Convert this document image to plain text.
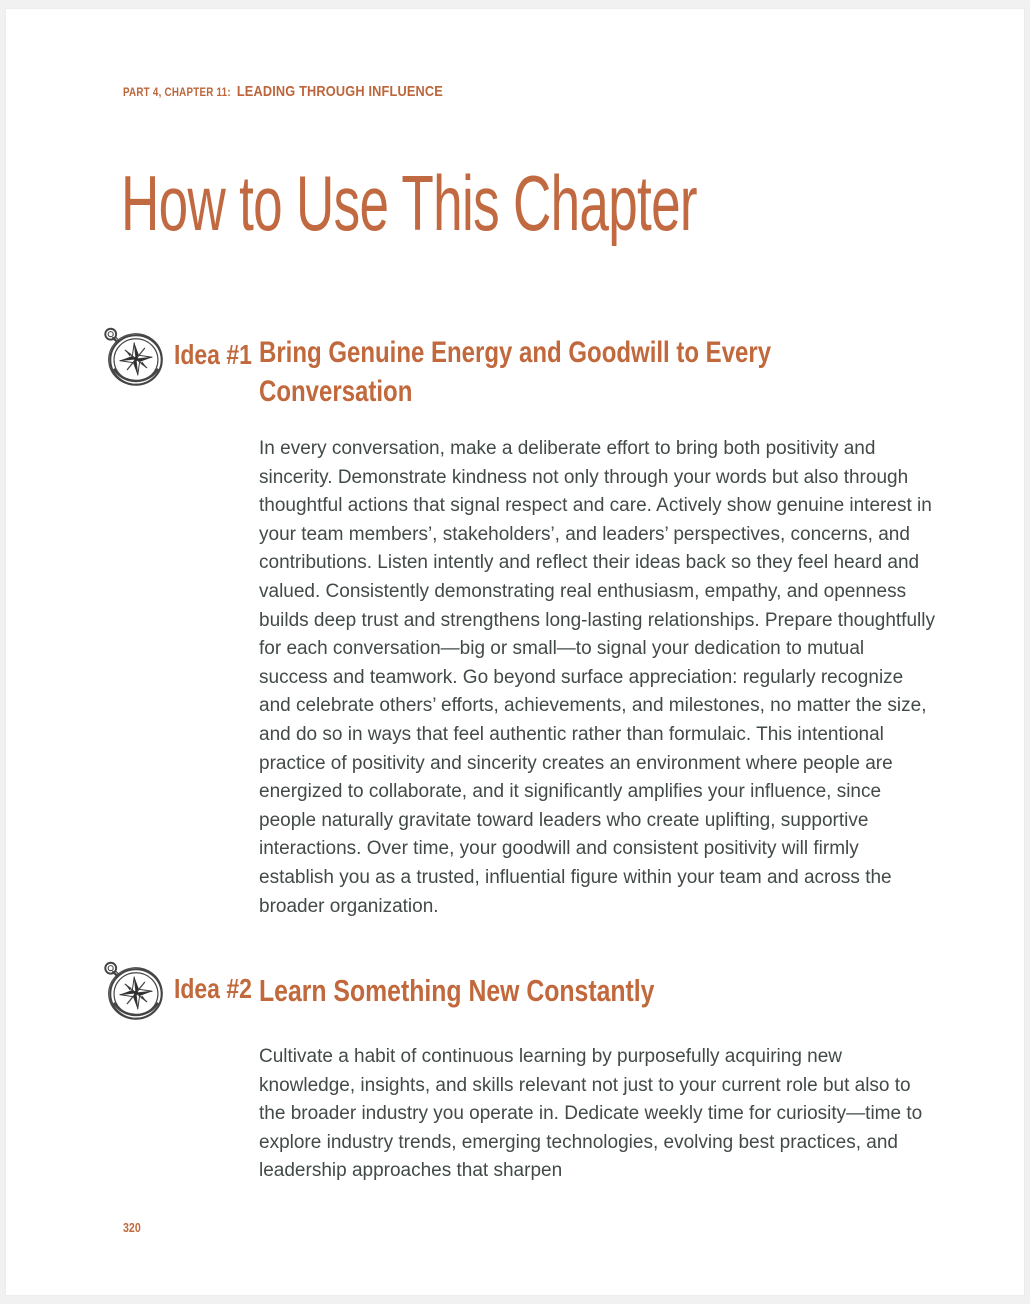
PART 4, CHAPTER 11: LEADING THROUGH INFLUENCE
How to Use This Chapter
Idea #1 Bring Genuine Energy and Goodwill to Every Conversation

In every conversation, make a deliberate effort to bring both positivity and sincerity. Demonstrate kindness not only through your words but also through thoughtful actions that signal respect and care. Actively show genuine interest in your team members’, stakeholders’, and leaders’ perspectives, concerns, and contributions. Listen intently and reflect their ideas back so they feel heard and valued. Consistently demonstrating real enthusiasm, empathy, and openness builds deep trust and strengthens long-lasting relationships. Prepare thoughtfully for each conversation—big or small—to signal your dedication to mutual success and teamwork. Go beyond surface appreciation: regularly recognize and celebrate others’ efforts, achievements, and milestones, no matter the size, and do so in ways that feel authentic rather than formulaic. This intentional practice of positivity and sincerity creates an environment where people are energized to collaborate, and it significantly amplifies your influence, since people naturally gravitate toward leaders who create uplifting, supportive interactions. Over time, your goodwill and consistent positivity will firmly establish you as a trusted, influential figure within your team and across the broader organization.

Idea #2 Learn Something New Constantly

Cultivate a habit of continuous learning by purposefully acquiring new knowledge, insights, and skills relevant not just to your current role but also to the broader industry you operate in. Dedicate weekly time for curiosity—time to explore industry trends, emerging technologies, evolving best practices, and leadership approaches that sharpen

320
